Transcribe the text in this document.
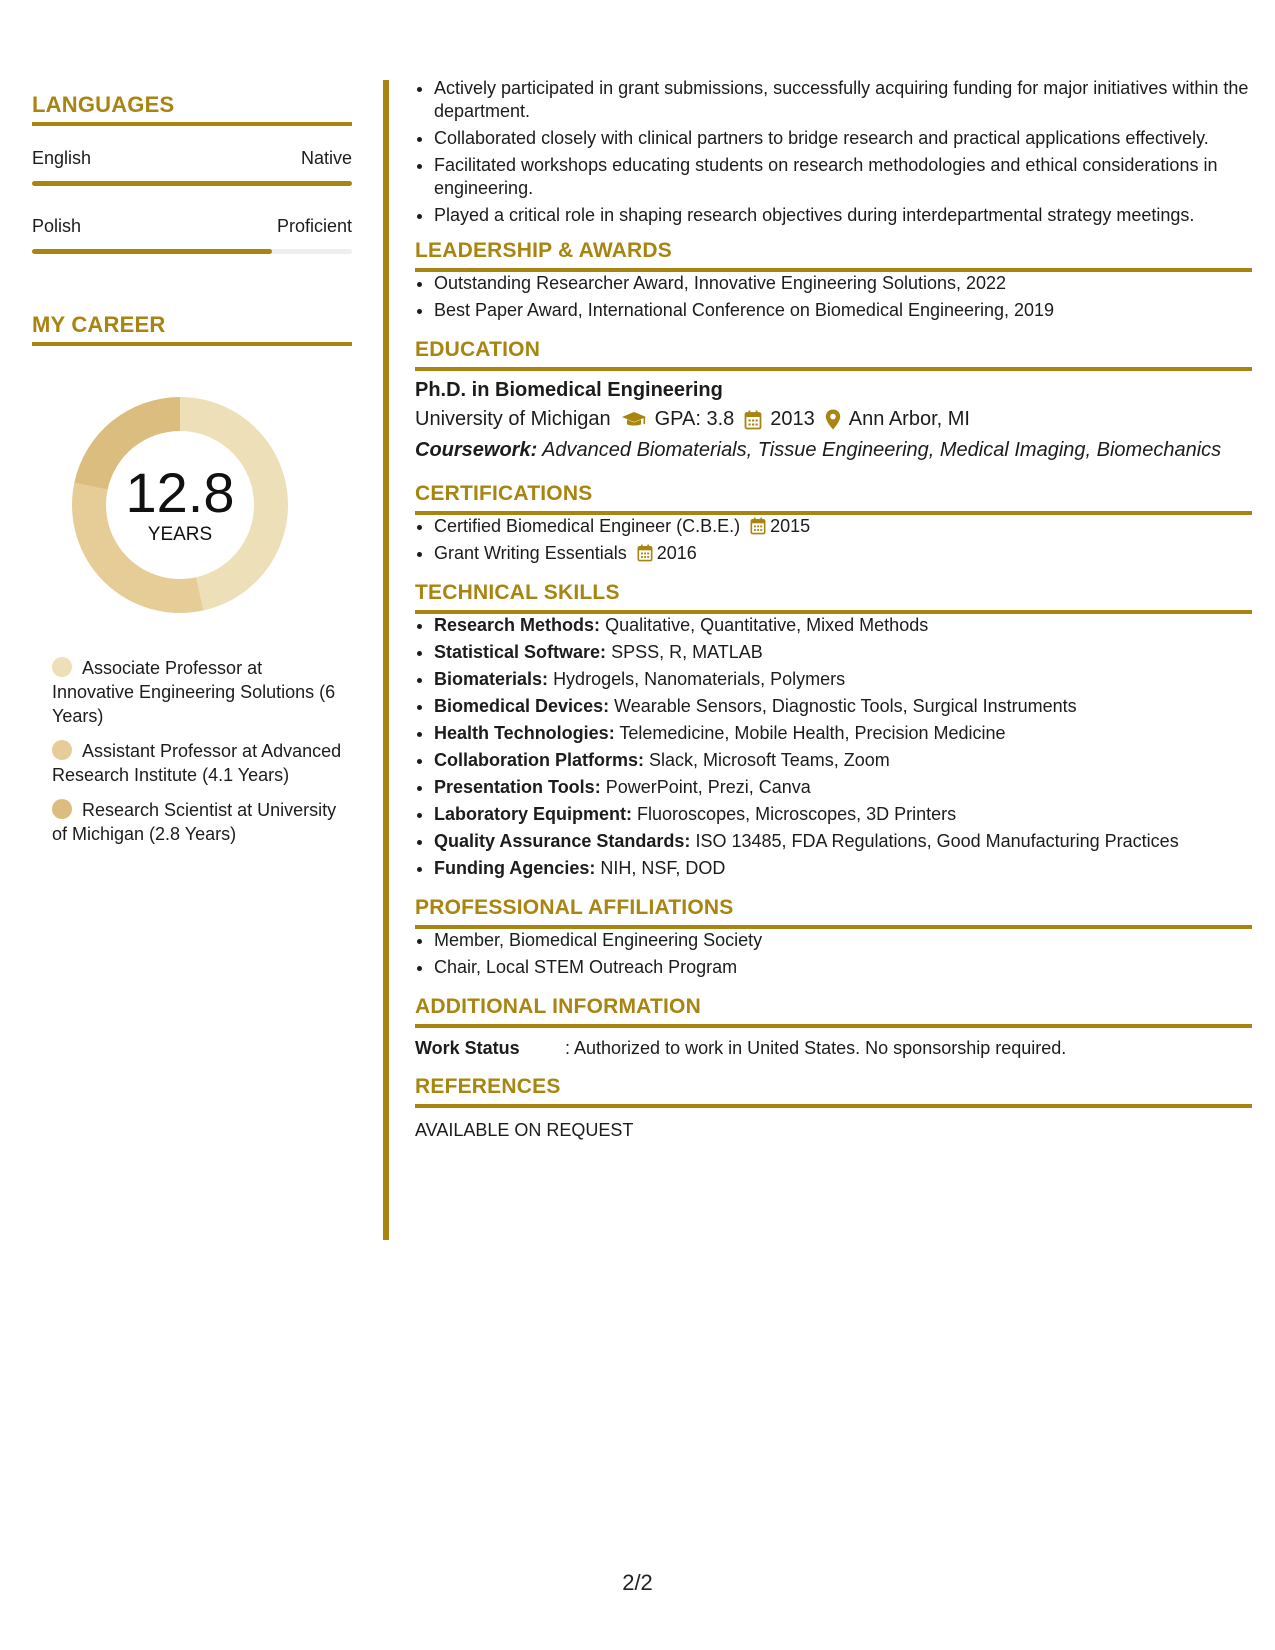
LANGUAGES
English	Native
Polish	Proficient
MY CAREER
12.8
YEARS
Associate Professor at Innovative Engineering Solutions (6 Years)
Assistant Professor at Advanced Research Institute (4.1 Years)
Research Scientist at University of Michigan (2.8 Years)
• Actively participated in grant submissions, successfully acquiring funding for major initiatives within the department.
• Collaborated closely with clinical partners to bridge research and practical applications effectively.
• Facilitated workshops educating students on research methodologies and ethical considerations in engineering.
• Played a critical role in shaping research objectives during interdepartmental strategy meetings.
LEADERSHIP & AWARDS
• Outstanding Researcher Award, Innovative Engineering Solutions, 2022
• Best Paper Award, International Conference on Biomedical Engineering, 2019
EDUCATION
Ph.D. in Biomedical Engineering
University of Michigan GPA: 3.8 2013 Ann Arbor, MI
Coursework: Advanced Biomaterials, Tissue Engineering, Medical Imaging, Biomechanics
CERTIFICATIONS
• Certified Biomedical Engineer (C.B.E.) 2015
• Grant Writing Essentials 2016
TECHNICAL SKILLS
• Research Methods: Qualitative, Quantitative, Mixed Methods
• Statistical Software: SPSS, R, MATLAB
• Biomaterials: Hydrogels, Nanomaterials, Polymers
• Biomedical Devices: Wearable Sensors, Diagnostic Tools, Surgical Instruments
• Health Technologies: Telemedicine, Mobile Health, Precision Medicine
• Collaboration Platforms: Slack, Microsoft Teams, Zoom
• Presentation Tools: PowerPoint, Prezi, Canva
• Laboratory Equipment: Fluoroscopes, Microscopes, 3D Printers
• Quality Assurance Standards: ISO 13485, FDA Regulations, Good Manufacturing Practices
• Funding Agencies: NIH, NSF, DOD
PROFESSIONAL AFFILIATIONS
• Member, Biomedical Engineering Society
• Chair, Local STEM Outreach Program
ADDITIONAL INFORMATION
Work Status	: Authorized to work in United States. No sponsorship required.
REFERENCES
AVAILABLE ON REQUEST
2/2
